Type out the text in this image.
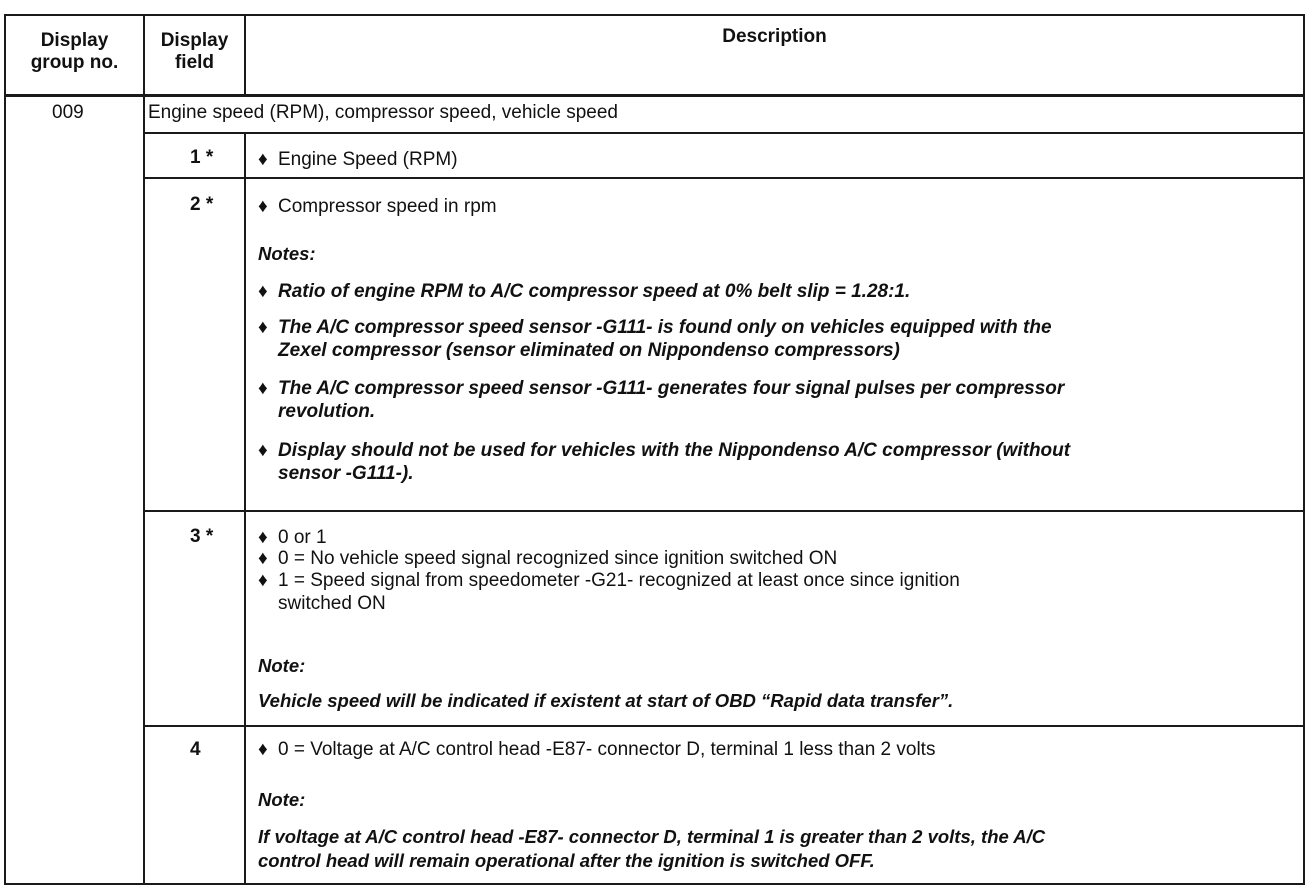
Display
group no.
Display
field
Description
009	Engine speed (RPM), compressor speed, vehicle speed
1 * ♦ Engine Speed (RPM)
2 * ♦ Compressor speed in rpm
Notes:
♦ Ratio of engine RPM to A/C compressor speed at 0% belt slip = 1.28:1.
♦ The A/C compressor speed sensor -G111- is found only on vehicles equipped with the
Zexel compressor (sensor eliminated on Nippondenso compressors)
♦ The A/C compressor speed sensor -G111- generates four signal pulses per compressor
revolution.
♦ Display should not be used for vehicles with the Nippondenso A/C compressor (without
sensor -G111-).
3 * ♦ 0 or 1
♦ 0 = No vehicle speed signal recognized since ignition switched ON
♦ 1 = Speed signal from speedometer -G21- recognized at least once since ignition
switched ON
Note:
Vehicle speed will be indicated if existent at start of OBD “Rapid data transfer”.
4	♦ 0 = Voltage at A/C control head -E87- connector D, terminal 1 less than 2 volts
Note:
If voltage at A/C control head -E87- connector D, terminal 1 is greater than 2 volts, the A/C
control head will remain operational after the ignition is switched OFF.
